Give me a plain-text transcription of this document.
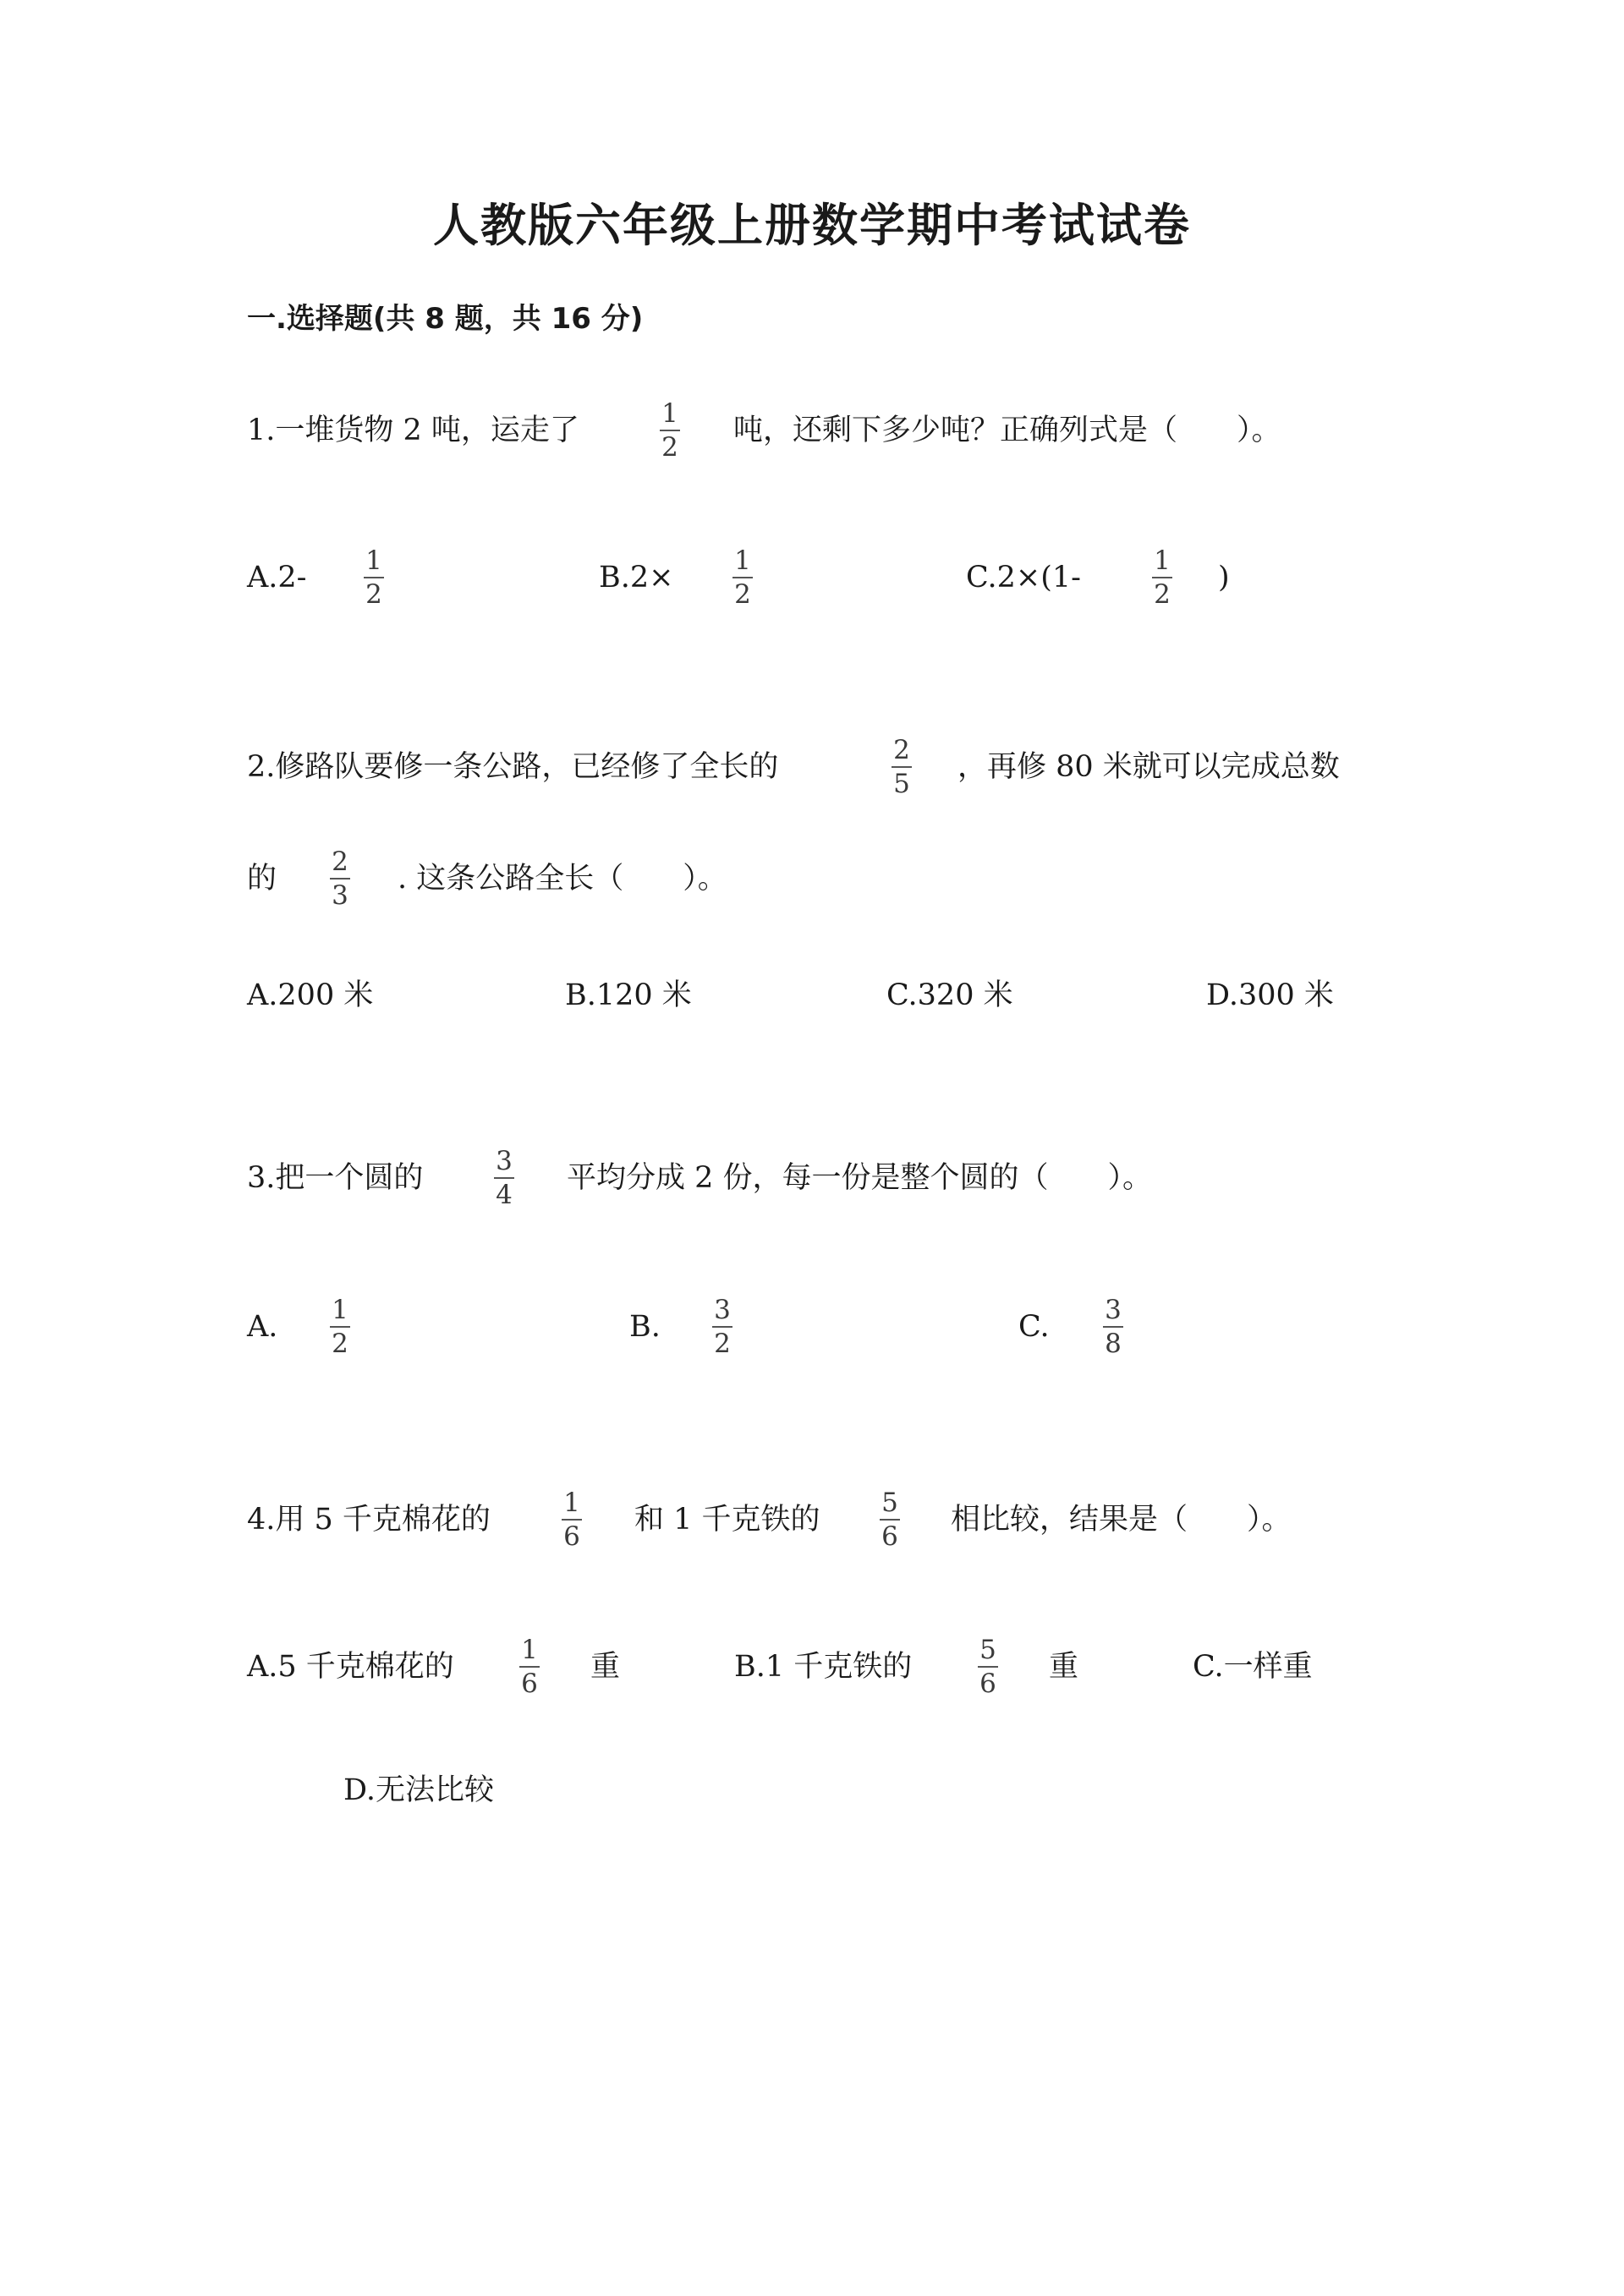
人教版六年级上册数学期中考试试卷
一.选择题(共 8 题，共 16 分)
1.一堆货物 2 吨，运走了	1
2 吨，还剩下多少吨？正确列式是（　　）。
A.2- 1
2	B.2× 1
2	C.2×(1-	1
2 )
2.修路队要修一条公路，已经修了全长的	2
5 ，再修 80 米就可以完成总数
的 2
3 . 这条公路全长（　　）。
A.200 米	B.120 米	C.320 米	D.300 米
3.把一个圆的	3
4 平均分成 2 份，每一份是整个圆的（　　）。
A. 1
2	B. 3
2	C. 3
8
4.用 5 千克棉花的	1
6 和 1 千克铁的 5
6 相比较，结果是（　　）。
A.5 千克棉花的	1
6 重	B.1 千克铁的	5
6 重	C.一样重
D.无法比较
